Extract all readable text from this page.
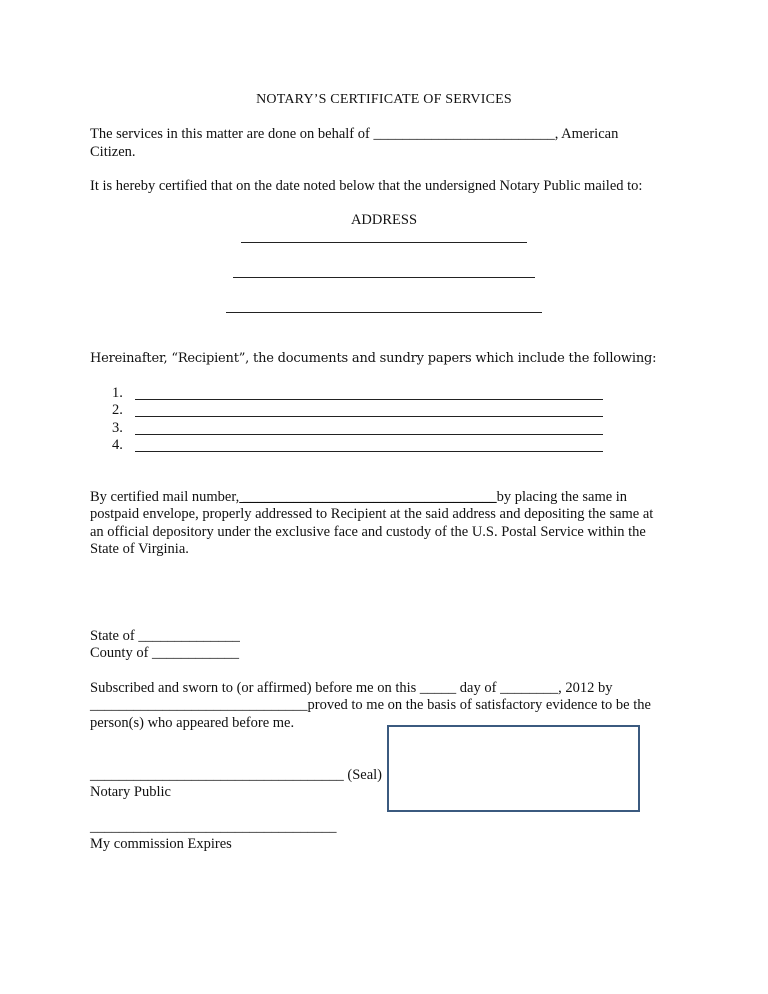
NOTARY’S CERTIFICATE OF SERVICES
The services in this matter are done on behalf of _________________________, American
Citizen.
It is hereby certified that on the date noted below that the undersigned Notary Public mailed to:
ADDRESS
Hereinafter, “Recipient”, the documents and sundry papers which include the following:
1.
2.
3.
4.
By certified mail number, ___________________________________by placing the same in
postpaid envelope, properly addressed to Recipient at the said address and depositing the same at
an official depository under the exclusive face and custody of the U.S. Postal Service within the
State of Virginia.
State of ______________
County of ____________
Subscribed and sworn to (or affirmed) before me on this _____ day of ________, 2012 by
______________________________proved to me on the basis of satisfactory evidence to be the
person(s) who appeared before me.
___________________________________ (Seal)
Notary Public
__________________________________
My commission Expires
